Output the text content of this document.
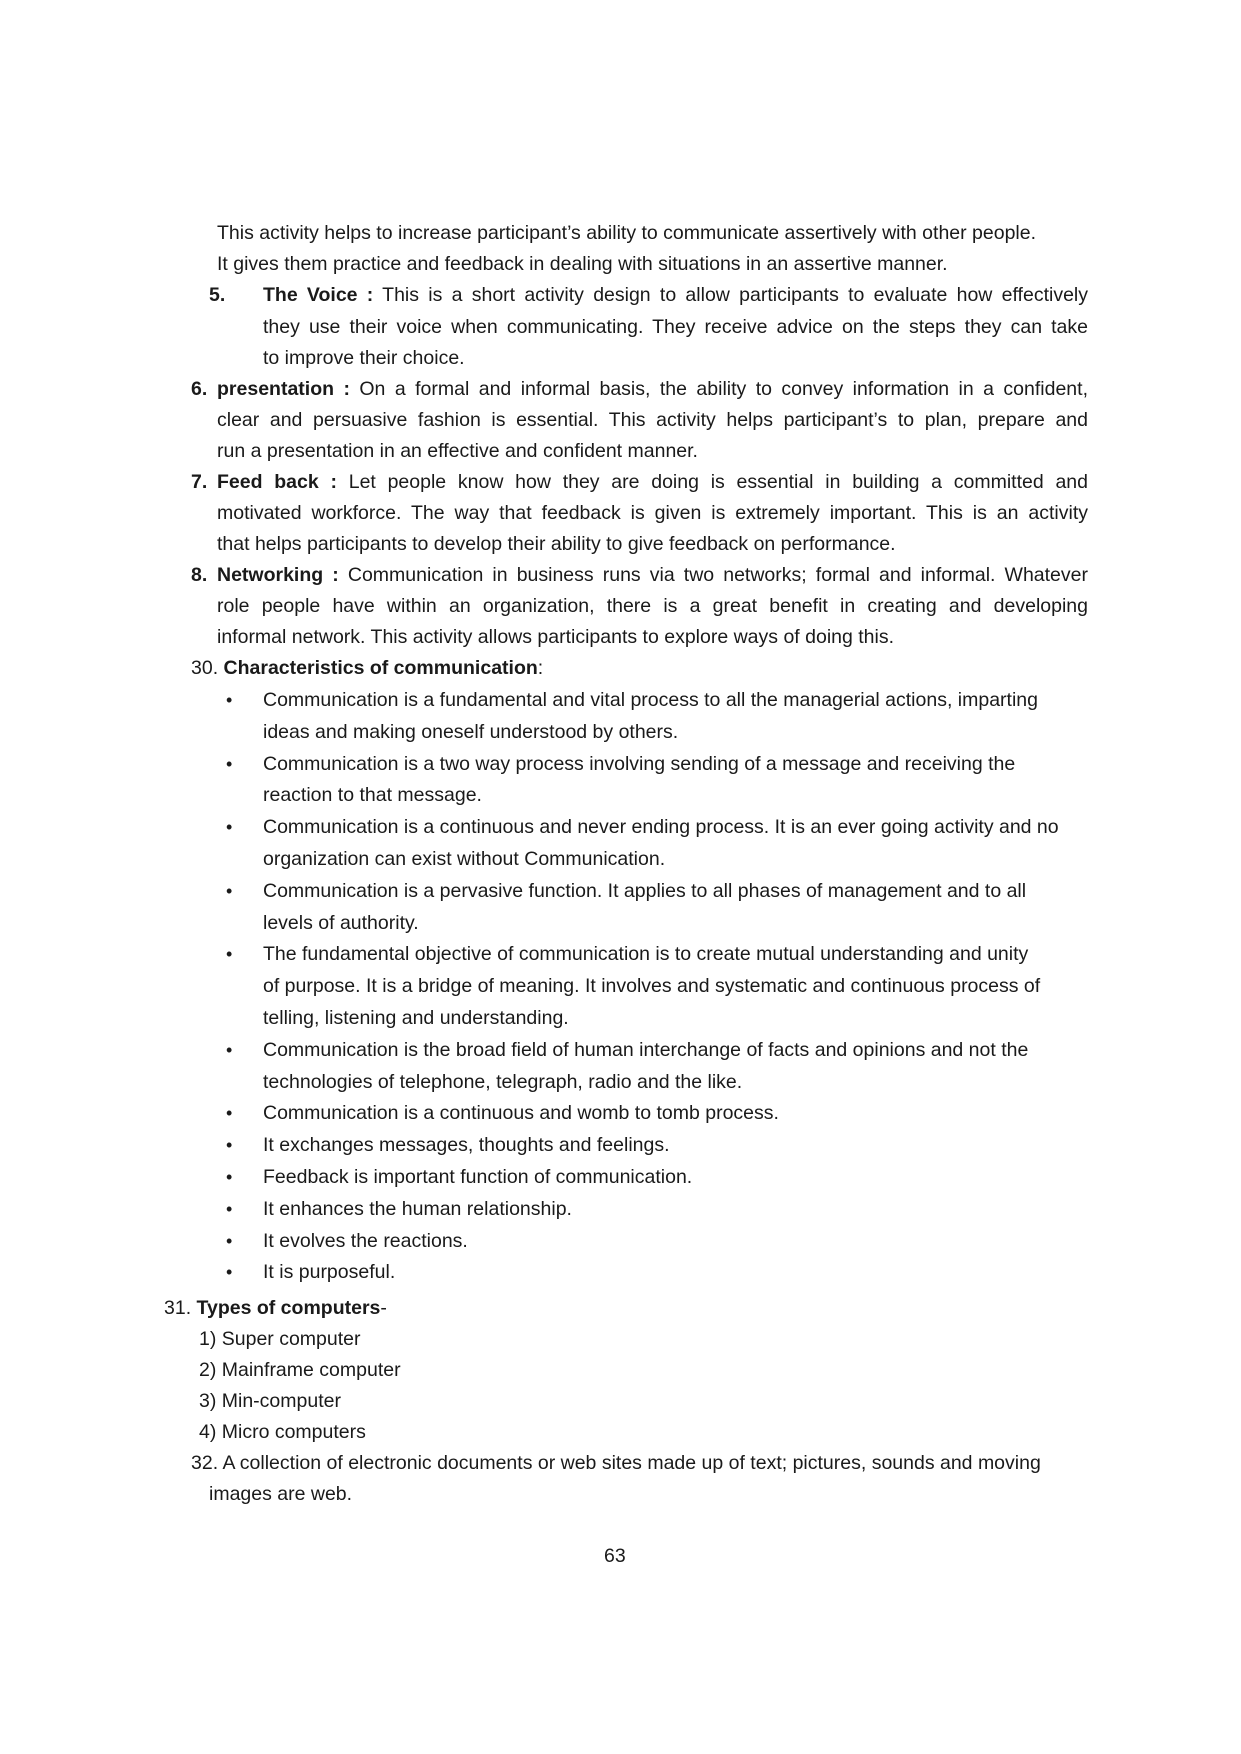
This activity helps to increase participant’s ability to communicate assertively with other people.
It gives them practice and feedback in dealing with situations in an assertive manner.
5. The Voice : This is a short activity design to allow participants to evaluate how effectively
they use their voice when communicating. They receive advice on the steps they can take
to improve their choice.
6. presentation : On a formal and informal basis, the ability to convey information in a confident,
clear and persuasive fashion is essential. This activity helps participant’s to plan, prepare and
run a presentation in an effective and confident manner.
7. Feed back : Let people know how they are doing is essential in building a committed and
motivated workforce. The way that feedback is given is extremely important. This is an activity
that helps participants to develop their ability to give feedback on performance.
8. Networking : Communication in business runs via two networks; formal and informal. Whatever
role people have within an organization, there is a great benefit in creating and developing
informal network. This activity allows participants to explore ways of doing this.
30. Characteristics of communication:
• Communication is a fundamental and vital process to all the managerial actions, imparting
ideas and making oneself understood by others.
• Communication is a two way process involving sending of a message and receiving the
reaction to that message.
• Communication is a continuous and never ending process. It is an ever going activity and no
organization can exist without Communication.
• Communication is a pervasive function. It applies to all phases of management and to all
levels of authority.
• The fundamental objective of communication is to create mutual understanding and unity
of purpose. It is a bridge of meaning. It involves and systematic and continuous process of
telling, listening and understanding.
• Communication is the broad field of human interchange of facts and opinions and not the
technologies of telephone, telegraph, radio and the like.
• Communication is a continuous and womb to tomb process.
• It exchanges messages, thoughts and feelings.
• Feedback is important function of communication.
• It enhances the human relationship.
• It evolves the reactions.
• It is purposeful.
31. Types of computers-
1) Super computer
2) Mainframe computer
3) Min-computer
4) Micro computers
32. A collection of electronic documents or web sites made up of text; pictures, sounds and moving
images are web.
63
